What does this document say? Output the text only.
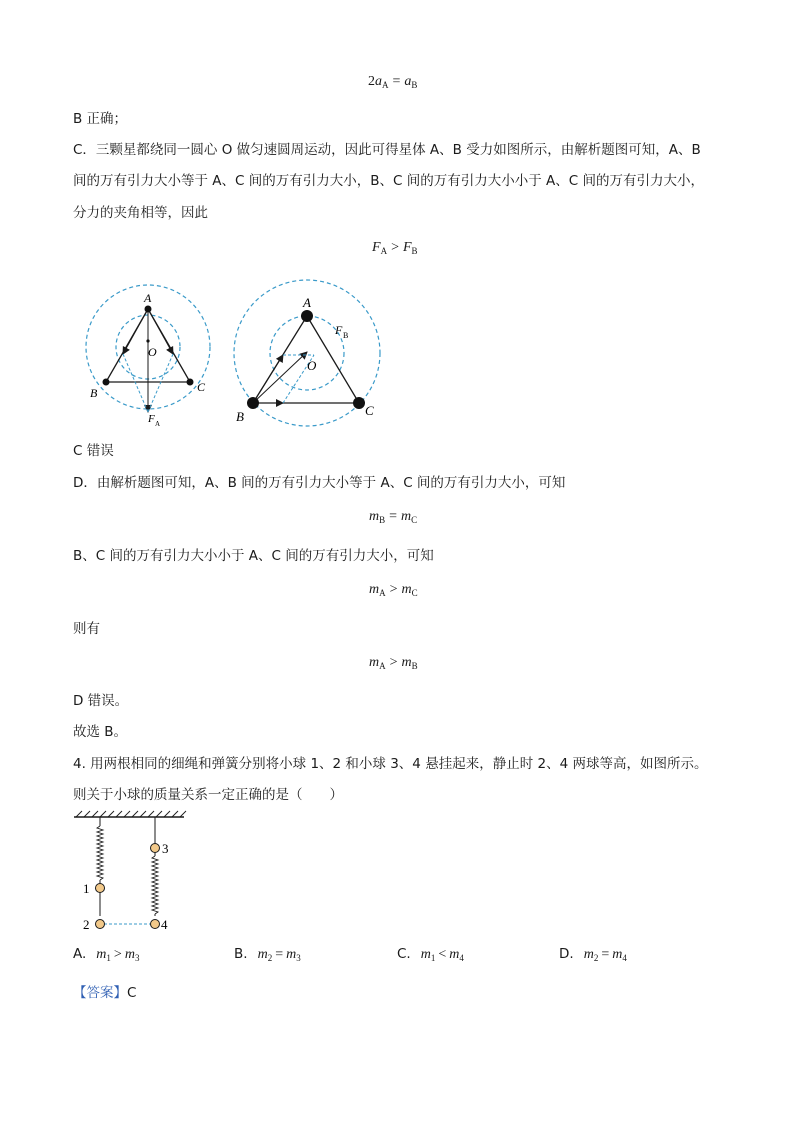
$2a_A = a_B$
B 正确；
C．三颗星都绕同一圆心 O 做匀速圆周运动，因此可得星体 A、B 受力如图所示，由解析题图可知，A、B
间的万有引力大小等于 A、C 间的万有引力大小，B、C 间的万有引力大小小于 A、C 间的万有引力大小，
分力的夹角相等，因此
$F_A > F_B$
A
B	C
O
F A
A
B	C
O
F B
C 错误
D．由解析题图可知，A、B 间的万有引力大小等于 A、C 间的万有引力大小，可知
$m_B = m_C$
B、C 间的万有引力大小小于 A、C 间的万有引力大小，可知
$m_A > m_C$
则有
$m_A > m_B$
D 错误。
故选 B。
4. 用两根相同的细绳和弹簧分别将小球 1、2 和小球 3、4 悬挂起来，静止时 2、4 两球等高，如图所示。
则关于小球的质量关系一定正确的是（　　）
1
2
3
4
A. $m_1 > m_3$	B. $m_2 = m_3$	C. $m_1 < m_4$	D. $m_2 = m_4$
【答案】C
